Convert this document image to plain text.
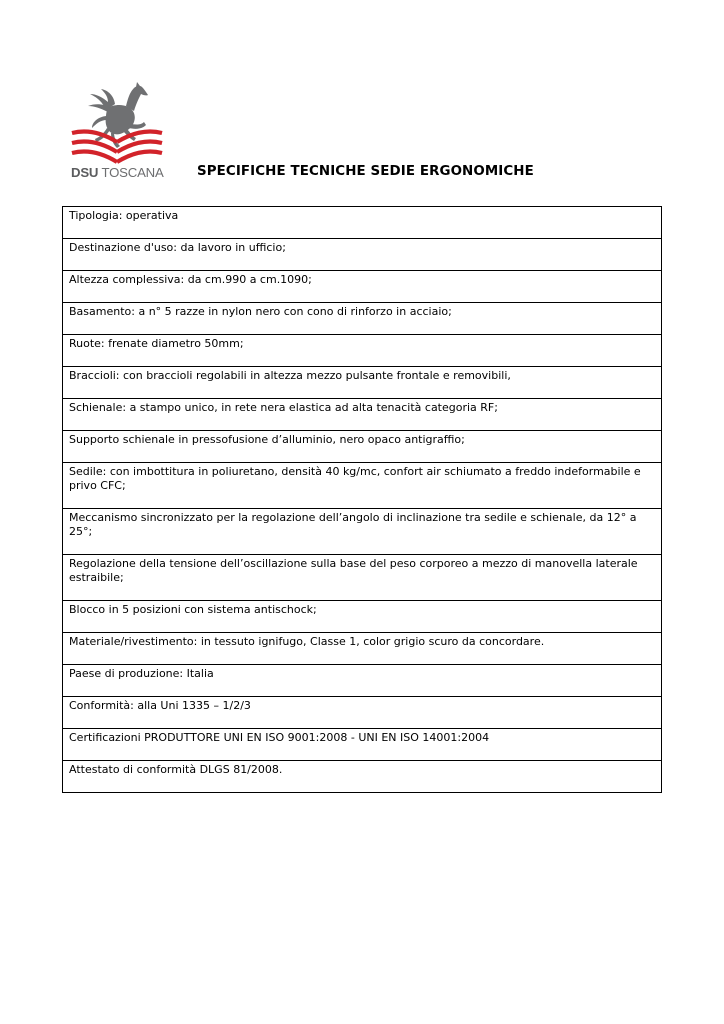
DSU TOSCANA	SPECIFICHE TECNICHE SEDIE ERGONOMICHE
Tipologia: operativa

Destinazione d'uso: da lavoro in ufficio;

Altezza complessiva: da cm.990 a cm.1090;

Basamento: a n° 5 razze in nylon nero con cono di rinforzo in acciaio;

Ruote: frenate diametro 50mm;

Braccioli: con braccioli regolabili in altezza mezzo pulsante frontale e removibili,

Schienale: a stampo unico, in rete nera elastica ad alta tenacità categoria RF;

Supporto schienale in pressofusione d’alluminio, nero opaco antigraffio;

Sedile: con imbottitura in poliuretano, densità 40 kg/mc, confort air schiumato a freddo indeformabile e privo CFC;

Meccanismo sincronizzato per la regolazione dell’angolo di inclinazione tra sedile e schienale, da 12° a 25°;

Regolazione della tensione dell’oscillazione sulla base del peso corporeo a mezzo di manovella laterale estraibile;

Blocco in 5 posizioni con sistema antischock;

Materiale/rivestimento: in tessuto ignifugo, Classe 1, color grigio scuro da concordare.

Paese di produzione: Italia

Conformità: alla Uni 1335 – 1/2/3

Certificazioni PRODUTTORE UNI EN ISO 9001:2008 - UNI EN ISO 14001:2004

Attestato di conformità DLGS 81/2008.
